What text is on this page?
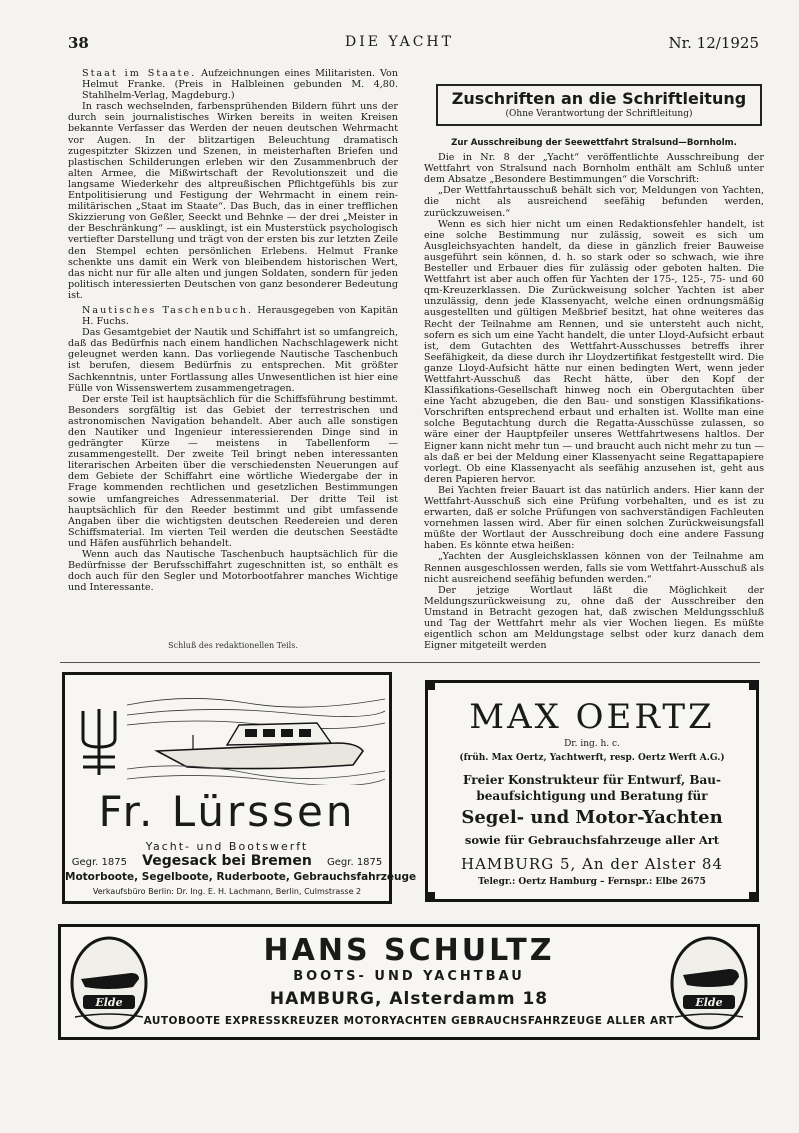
38	DIE YACHT	Nr. 12/1925

Staat im Staate. Aufzeichnungen eines Militaristen. Von Helmut Franke. (Preis in Halbleinen gebunden M. 4,80. Stahlhelm-Verlag, Magdeburg.)

In rasch wechselnden, farbensprühenden Bildern führt uns der durch sein journalistisches Wirken bereits in weiten Kreisen bekannte Verfasser das Werden der neuen deutschen Wehrmacht vor Augen. In der blitzartigen Beleuchtung dramatisch zugespitzter Skizzen und Szenen, in meisterhaften Briefen und plastischen Schilderungen erleben wir den Zusammenbruch der alten Armee, die Mißwirtschaft der Revolutionszeit und die langsame Wiederkehr des altpreußischen Pflichtgefühls bis zur Entpolitisierung und Festigung der Wehrmacht in einem rein-militärischen „Staat im Staate“. Das Buch, das in einer trefflichen Skizzierung von Geßler, Seeckt und Behnke — der drei „Meister in der Beschränkung“ — ausklingt, ist ein Musterstück psychologisch vertiefter Darstellung und trägt von der ersten bis zur letzten Zeile den Stempel echten persönlichen Erlebens. Helmut Franke schenkte uns damit ein Werk von bleibendem historischen Wert, das nicht nur für alle alten und jungen Soldaten, sondern für jeden politisch interessierten Deutschen von ganz besonderer Bedeutung ist.

Nautisches Taschenbuch. Herausgegeben von Kapitän H. Fuchs.

Das Gesamtgebiet der Nautik und Schiffahrt ist so umfangreich, daß das Bedürfnis nach einem handlichen Nachschlagewerk nicht geleugnet werden kann. Das vorliegende Nautische Taschenbuch ist berufen, diesem Bedürfnis zu entsprechen. Mit größter Sachkenntnis, unter Fortlassung alles Unwesentlichen ist hier eine Fülle von Wissenswertem zusammengetragen.

Der erste Teil ist hauptsächlich für die Schiffsführung bestimmt. Besonders sorgfältig ist das Gebiet der terrestrischen und astronomischen Navigation behandelt. Aber auch alle sonstigen den Nautiker und Ingenieur interessierenden Dinge sind in gedrängter Kürze — meistens in Tabellenform — zusammengestellt. Der zweite Teil bringt neben interessanten literarischen Arbeiten über die verschiedensten Neuerungen auf dem Gebiete der Schiffahrt eine wörtliche Wiedergabe der in Frage kommenden rechtlichen und gesetzlichen Bestimmungen sowie umfangreiches Adressenmaterial. Der dritte Teil ist hauptsächlich für den Reeder bestimmt und gibt umfassende Angaben über die wichtigsten deutschen Reedereien und deren Schiffsmaterial. Im vierten Teil werden die deutschen Seestädte und Häfen ausführlich behandelt.

Wenn auch das Nautische Taschenbuch hauptsächlich für die Bedürfnisse der Berufsschiffahrt zugeschnitten ist, so enthält es doch auch für den Segler und Motorbootfahrer manches Wichtige und Interessante.

Schluß des redaktionellen Teils.
Zuschriften an die Schriftleitung
(Ohne Verantwortung der Schriftleitung)

Zur Ausschreibung der Seewettfahrt Stralsund—Bornholm.

Die in Nr. 8 der „Yacht“ veröffentlichte Ausschreibung der Wettfahrt von Stralsund nach Bornholm enthält am Schluß unter dem Absatze „Besondere Bestimmungen“ die Vorschrift:

„Der Wettfahrtausschuß behält sich vor, Meldungen von Yachten, die nicht als ausreichend seefähig befunden werden, zurückzuweisen.“

Wenn es sich hier nicht um einen Redaktionsfehler handelt, ist eine solche Bestimmung nur zulässig, soweit es sich um Ausgleichsyachten handelt, da diese in gänzlich freier Bauweise ausgeführt sein können, d. h. so stark oder so schwach, wie ihre Besteller und Erbauer dies für zulässig oder geboten halten. Die Wettfahrt ist aber auch offen für Yachten der 175-, 125-, 75- und 60 qm-Kreuzerklassen. Die Zurückweisung solcher Yachten ist aber unzulässig, denn jede Klassenyacht, welche einen ordnungsmäßig ausgestellten und gültigen Meßbrief besitzt, hat ohne weiteres das Recht der Teilnahme am Rennen, und sie untersteht auch nicht, sofern es sich um eine Yacht handelt, die unter Lloyd-Aufsicht erbaut ist, dem Gutachten des Wettfahrt-Ausschusses betreffs ihrer Seefähigkeit, da diese durch ihr Lloydzertifikat festgestellt wird. Die ganze Lloyd-Aufsicht hätte nur einen bedingten Wert, wenn jeder Wettfahrt-Ausschuß das Recht hätte, über den Kopf der Klassifikations-Gesellschaft hinweg noch ein Obergutachten über eine Yacht abzugeben, die den Bau- und sonstigen Klassifikations-Vorschriften entsprechend erbaut und erhalten ist. Wollte man eine solche Begutachtung durch die Regatta-Ausschüsse zulassen, so wäre einer der Hauptpfeiler unseres Wettfahrtwesens haltlos. Der Eigner kann nicht mehr tun — und braucht auch nicht mehr zu tun — als daß er bei der Meldung einer Klassenyacht seine Regattapapiere vorlegt. Ob eine Klassenyacht als seefähig anzusehen ist, geht aus deren Papieren hervor.

Bei Yachten freier Bauart ist das natürlich anders. Hier kann der Wettfahrt-Ausschuß sich eine Prüfung vorbehalten, und es ist zu erwarten, daß er solche Prüfungen von sachverständigen Fachleuten vornehmen lassen wird. Aber für einen solchen Zurückweisungsfall müßte der Wortlaut der Ausschreibung doch eine andere Fassung haben. Es könnte etwa heißen:

„Yachten der Ausgleichsklassen können von der Teilnahme am Rennen ausgeschlossen werden, falls sie vom Wettfahrt-Ausschuß als nicht ausreichend seefähig befunden werden.“

Der jetzige Wortlaut läßt die Möglichkeit der Meldungszurückweisung zu, ohne daß der Ausschreiber den Umstand in Betracht gezogen hat, daß zwischen Meldungsschluß und Tag der Wettfahrt mehr als vier Wochen liegen. Es müßte eigentlich schon am Meldungstage selbst oder kurz danach dem Eigner mitgeteilt werden

Fr. Lürssen
Yacht- und Bootswerft
Gegr. 1875 Vegesack bei Bremen Gegr. 1875
Motorboote, Segelboote, Ruderboote, Gebrauchsfahrzeuge
Verkaufsbüro Berlin: Dr. Ing. E. H. Lachmann, Berlin, Culmstrasse 2
MAX OERTZ
Dr. ing. h. c.
(früh. Max Oertz, Yachtwerft, resp. Oertz Werft A.G.)
Freier Konstrukteur für Entwurf, Bau-
beaufsichtigung und Beratung für
Segel- und Motor-Yachten
sowie für Gebrauchsfahrzeuge aller Art
HAMBURG 5, An der Alster 84
Telegr.: Oertz Hamburg – Fernspr.: Elbe 2675
Elde	Elde
HANS SCHULTZ
BOOTS- UND YACHTBAU
HAMBURG, Alsterdamm 18
AUTOBOOTE EXPRESSKREUZER MOTORYACHTEN GEBRAUCHSFAHRZEUGE ALLER ART
